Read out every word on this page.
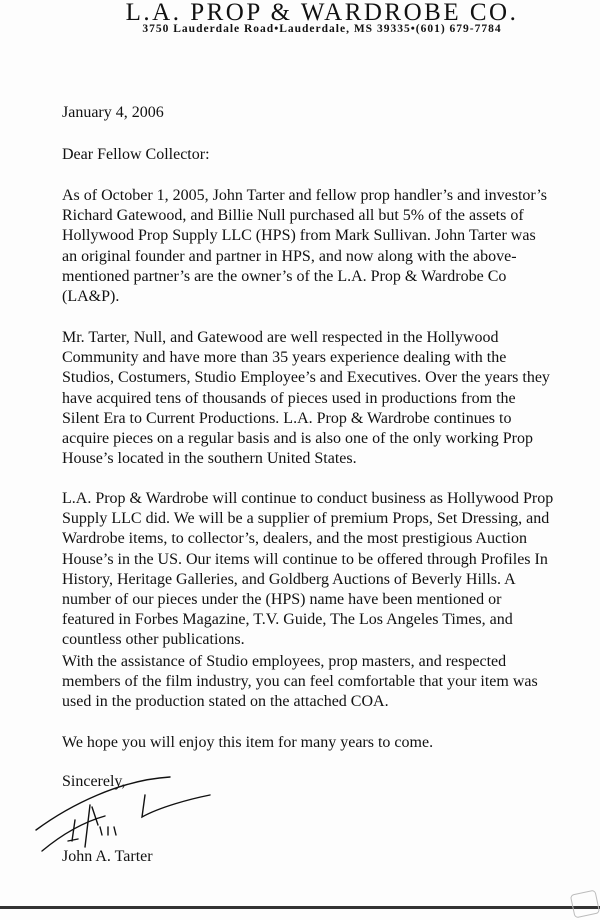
L.A. PROP & WARDROBE CO.
3750 Lauderdale Road•Lauderdale, MS 39335•(601) 679-7784
January 4, 2006
Dear Fellow Collector:
As of October 1, 2005, John Tarter and fellow prop handler’s and investor’s
Richard Gatewood, and Billie Null purchased all but 5% of the assets of
Hollywood Prop Supply LLC (HPS) from Mark Sullivan. John Tarter was
an original founder and partner in HPS, and now along with the above-
mentioned partner’s are the owner’s of the L.A. Prop & Wardrobe Co
(LA&P).
Mr. Tarter, Null, and Gatewood are well respected in the Hollywood
Community and have more than 35 years experience dealing with the
Studios, Costumers, Studio Employee’s and Executives. Over the years they
have acquired tens of thousands of pieces used in productions from the
Silent Era to Current Productions. L.A. Prop & Wardrobe continues to
acquire pieces on a regular basis and is also one of the only working Prop
House’s located in the southern United States.
L.A. Prop & Wardrobe will continue to conduct business as Hollywood Prop
Supply LLC did. We will be a supplier of premium Props, Set Dressing, and
Wardrobe items, to collector’s, dealers, and the most prestigious Auction
House’s in the US. Our items will continue to be offered through Profiles In
History, Heritage Galleries, and Goldberg Auctions of Beverly Hills. A
number of our pieces under the (HPS) name have been mentioned or
featured in Forbes Magazine, T.V. Guide, The Los Angeles Times, and
countless other publications.
With the assistance of Studio employees, prop masters, and respected
members of the film industry, you can feel comfortable that your item was
used in the production stated on the attached COA.
We hope you will enjoy this item for many years to come.
Sincerely,
John A. Tarter
